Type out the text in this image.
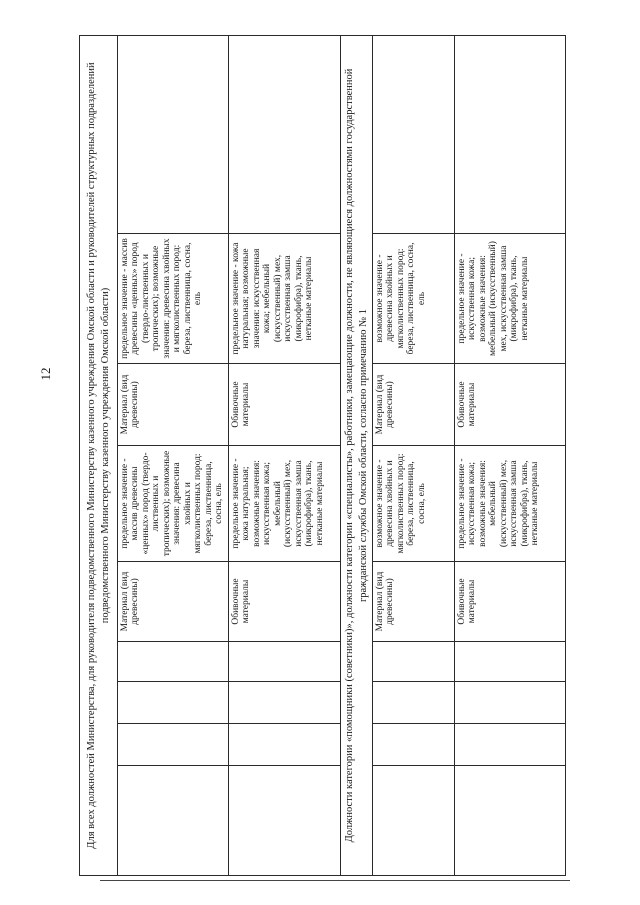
12	Для всех должностей Министерства, для руководителя подведомственного Министерству казенного учреждения Омской области и руководителей структурных подразделений подведомственного Министерству казенного учреждения Омской области)								
				Материал (вид древесины)	предельное значение - массив древесины «ценных» пород (твердо-лиственных и тропических); возможные значения: древесина хвойных и мягколиственных пород: береза, лиственница, сосна, ель	Материал (вид древесины)	предельное значение - массив древесины «ценных» пород (твердо-лиственных и тропических); возможные значения: древесина хвойных и мягколиственных пород: береза, лиственница, сосна, ель	
				Обивочные материалы	предельное значение - кожа натуральная; возможные значения: искусственная кожа; мебельный (искусственный) мех, искусственная замша (микрофибра), ткань, нетканые материалы	Обивочные материалы	предельное значение - кожа натуральная; возможные значения: искусственная кожа; мебельный (искусственный) мех, искусственная замша (микрофибра), ткань, нетканые материалы	
Должности категории «помощники (советники)», должности категории «специалисты», работники, замещающие должности, не являющиеся должностями государственной гражданской службы Омской области, согласно примечанию № 1								
				Материал (вид древесины)	возможное значение - древесина хвойных и мягколиственных пород: береза, лиственница, сосна, ель	Материал (вид древесины)	возможное значение - древесина хвойных и мягколиственных пород: береза, лиственница, сосна, ель	
				Обивочные материалы	предельное значение - искусственная кожа; возможные значения: мебельный (искусственный) мех, искусственная замша (микрофибра), ткань, нетканые материалы	Обивочные материалы	предельное значение - искусственная кожа; возможные значения: мебельный (искусственный) мех, искусственная замша (микрофибра), ткань, нетканые материалы	
